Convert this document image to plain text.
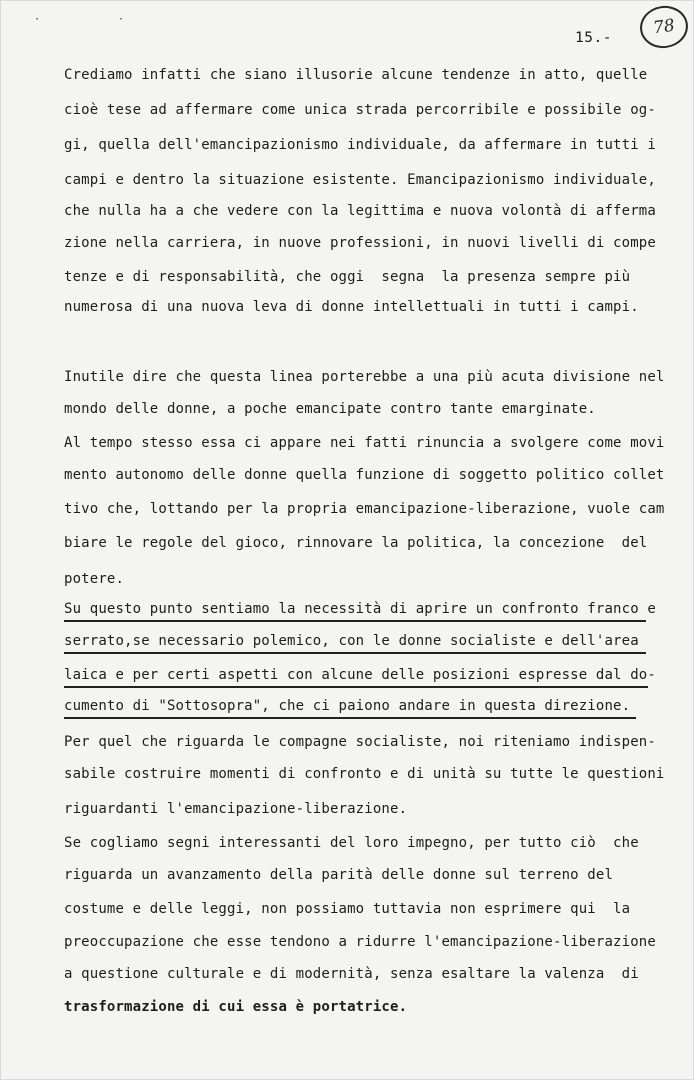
· ·
15.-	78
Crediamo infatti che siano illusorie alcune tendenze in atto, quelle
cioè tese ad affermare come unica strada percorribile e possibile og-
gi, quella dell'emancipazionismo individuale, da affermare in tutti i
campi e dentro la situazione esistente. Emancipazionismo individuale,
che nulla ha a che vedere con la legittima e nuova volontà di afferma
zione nella carriera, in nuove professioni, in nuovi livelli di compe
tenze e di responsabilità, che oggi  segna  la presenza sempre più
numerosa di una nuova leva di donne intellettuali in tutti i campi.
Inutile dire che questa linea porterebbe a una più acuta divisione nel
mondo delle donne, a poche emancipate contro tante emarginate.
Al tempo stesso essa ci appare nei fatti rinuncia a svolgere come movi
mento autonomo delle donne quella funzione di soggetto politico collet
tivo che, lottando per la propria emancipazione-liberazione, vuole cam
biare le regole del gioco, rinnovare la politica, la concezione  del
potere.
Su questo punto sentiamo la necessità di aprire un confronto franco e
serrato,se necessario polemico, con le donne socialiste e dell'area
laica e per certi aspetti con alcune delle posizioni espresse dal do-
cumento di "Sottosopra", che ci paiono andare in questa direzione.
Per quel che riguarda le compagne socialiste, noi riteniamo indispen-
sabile costruire momenti di confronto e di unità su tutte le questioni
riguardanti l'emancipazione-liberazione.
Se cogliamo segni interessanti del loro impegno, per tutto ciò  che
riguarda un avanzamento della parità delle donne sul terreno del
costume e delle leggi, non possiamo tuttavia non esprimere qui  la
preoccupazione che esse tendono a ridurre l'emancipazione-liberazione
a questione culturale e di modernità, senza esaltare la valenza  di
trasformazione di cui essa è portatrice.
